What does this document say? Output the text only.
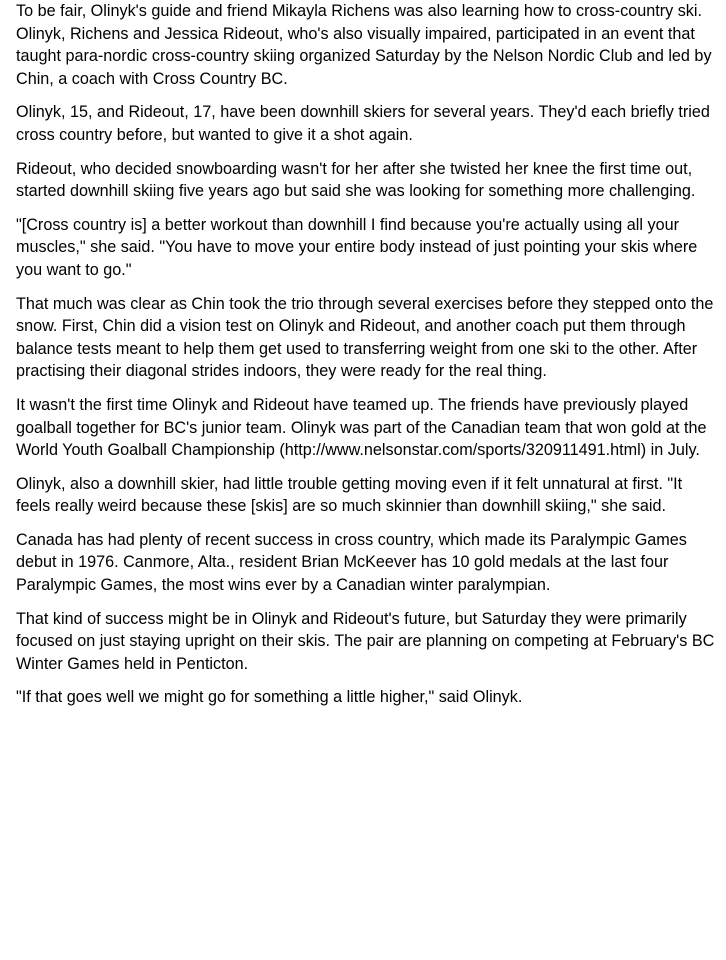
To be fair, Olinyk's guide and friend Mikayla Richens was also learning how to cross-country ski. Olinyk, Richens and Jessica Rideout, who's also visually impaired, participated in an event that taught para-nordic cross-country skiing organized Saturday by the Nelson Nordic Club and led by Chin, a coach with Cross Country BC.

Olinyk, 15, and Rideout, 17, have been downhill skiers for several years. They'd each briefly tried cross country before, but wanted to give it a shot again.

Rideout, who decided snowboarding wasn't for her after she twisted her knee the first time out, started downhill skiing five years ago but said she was looking for something more challenging.

"[Cross country is] a better workout than downhill I find because you're actually using all your muscles," she said. "You have to move your entire body instead of just pointing your skis where you want to go."

That much was clear as Chin took the trio through several exercises before they stepped onto the snow. First, Chin did a vision test on Olinyk and Rideout, and another coach put them through balance tests meant to help them get used to transferring weight from one ski to the other. After practising their diagonal strides indoors, they were ready for the real thing.

It wasn't the first time Olinyk and Rideout have teamed up. The friends have previously played goalball together for BC's junior team. Olinyk was part of the Canadian team that won gold at the World Youth Goalball Championship (http://www.nelsonstar.com/sports/320911491.html) in July.

Olinyk, also a downhill skier, had little trouble getting moving even if it felt unnatural at first. "It feels really weird because these [skis] are so much skinnier than downhill skiing," she said.

Canada has had plenty of recent success in cross country, which made its Paralympic Games debut in 1976. Canmore, Alta., resident Brian McKeever has 10 gold medals at the last four Paralympic Games, the most wins ever by a Canadian winter paralympian.

That kind of success might be in Olinyk and Rideout's future, but Saturday they were primarily focused on just staying upright on their skis. The pair are planning on competing at February's BC Winter Games held in Penticton.

"If that goes well we might go for something a little higher," said Olinyk.
